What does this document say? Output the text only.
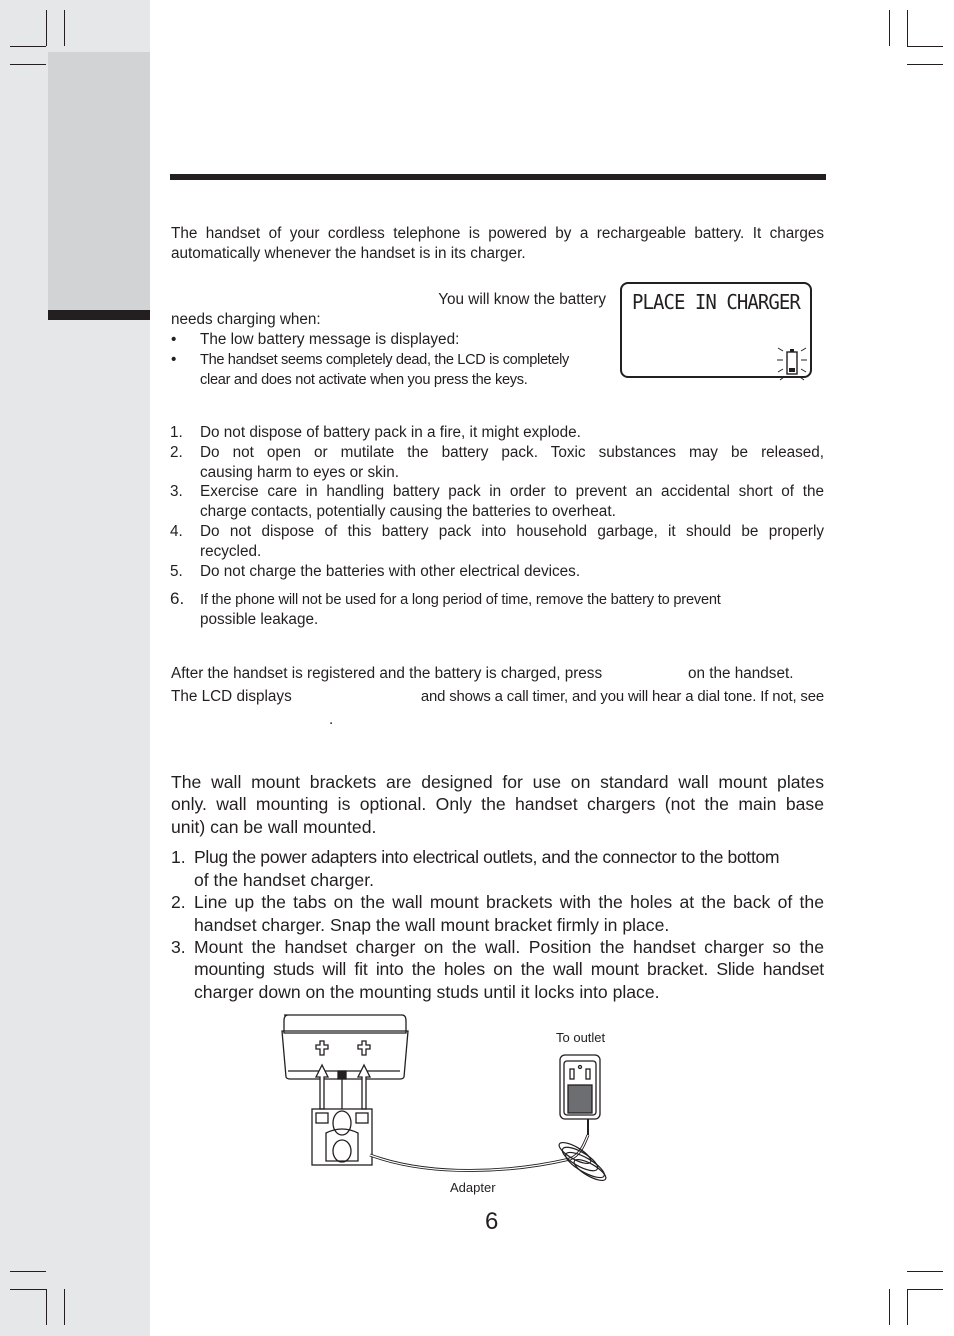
The handset of your cordless telephone is powered by a rechargeable battery. It charges
automatically whenever the handset is in its charger.
You will know the battery
needs charging when:
• The low battery message is displayed:
• The handset seems completely dead, the LCD is completely
clear and does not activate when you press the keys.
PLACE IN CHARGER
1. Do not dispose of battery pack in a fire, it might explode.
2. Do not open or mutilate the battery pack. Toxic substances may be released,
causing harm to eyes or skin.
3. Exercise care in handling battery pack in order to prevent an accidental short of the
charge contacts, potentially causing the batteries to overheat.
4. Do not dispose of this battery pack into household garbage, it should be properly
recycled.
5. Do not charge the batteries with other electrical devices.
6. If the phone will not be used for a long period of time, remove the battery to prevent
possible leakage.
After the handset is registered and the battery is charged, press	on the handset.
The LCD displays	and shows a call timer, and you will hear a dial tone. If not, see
.
The wall mount brackets are designed for use on standard wall mount plates
only. wall mounting is optional. Only the handset chargers (not the main base
unit) can be wall mounted.
1. Plug the power adapters into electrical outlets, and the connector to the bottom
of the handset charger.
2. Line up the tabs on the wall mount brackets with the holes at the back of the
handset charger. Snap the wall mount bracket firmly in place.
3. Mount the handset charger on the wall. Position the handset charger so the
mounting studs will fit into the holes on the wall mount bracket. Slide handset
charger down on the mounting studs until it locks into place.
To outlet
Adapter
6
